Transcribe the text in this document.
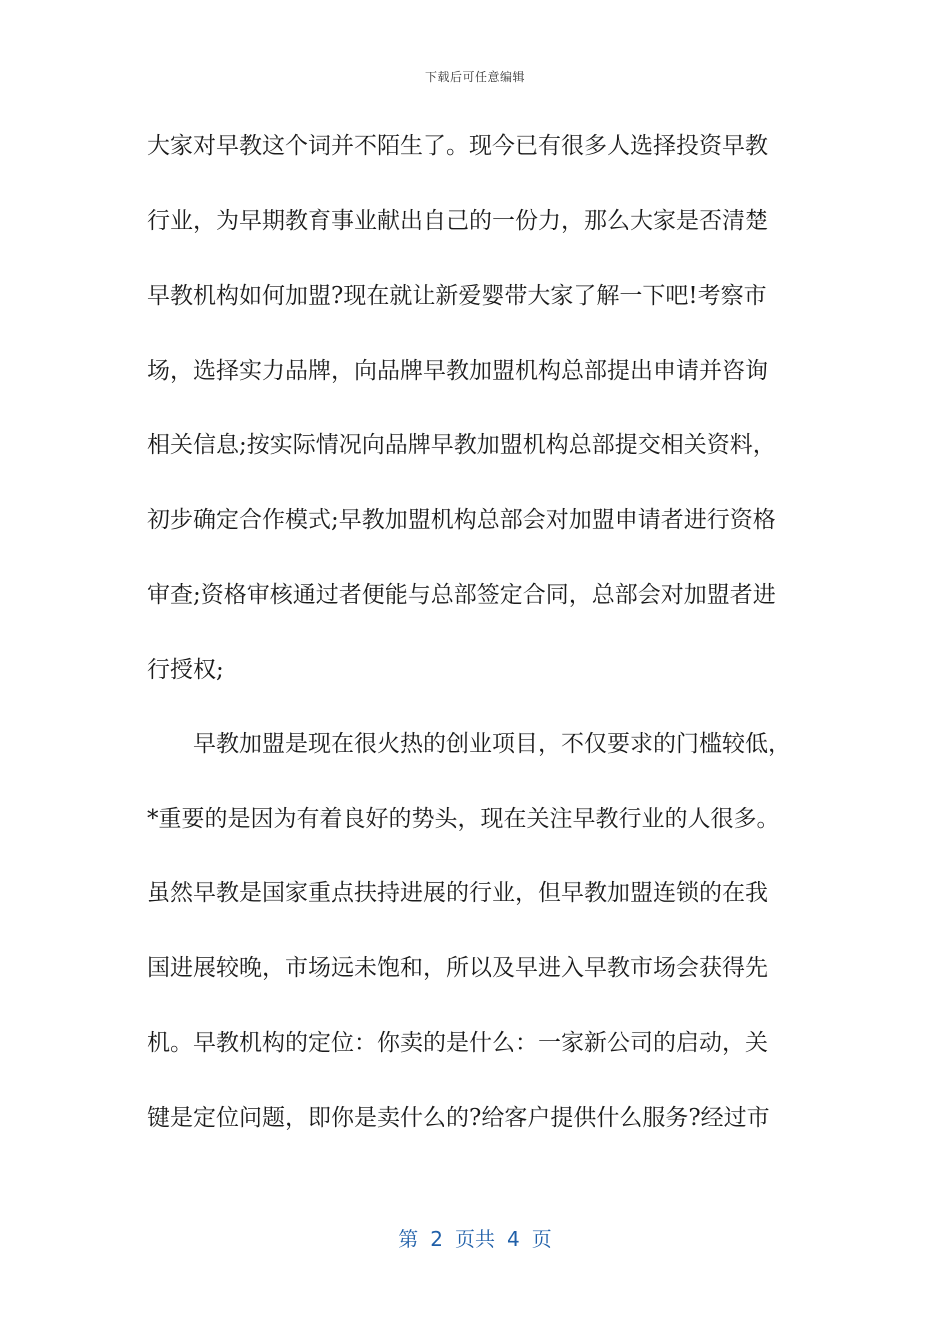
下载后可任意编辑
大家对早教这个词并不陌生了。现今已有很多人选择投资早教
行业，为早期教育事业献出自己的一份力，那么大家是否清楚
早教机构如何加盟?现在就让新爱婴带大家了解一下吧!考察市
场，选择实力品牌，向品牌早教加盟机构总部提出申请并咨询
相关信息;按实际情况向品牌早教加盟机构总部提交相关资料，
初步确定合作模式;早教加盟机构总部会对加盟申请者进行资格
审查;资格审核通过者便能与总部签定合同，总部会对加盟者进
行授权;
早教加盟是现在很火热的创业项目，不仅要求的门槛较低，
*重要的是因为有着良好的势头，现在关注早教行业的人很多。
虽然早教是国家重点扶持进展的行业，但早教加盟连锁的在我
国进展较晚，市场远未饱和，所以及早进入早教市场会获得先
机。早教机构的定位：你卖的是什么：一家新公司的启动，关
键是定位问题，即你是卖什么的?给客户提供什么服务?经过市
第 2 页共 4 页
